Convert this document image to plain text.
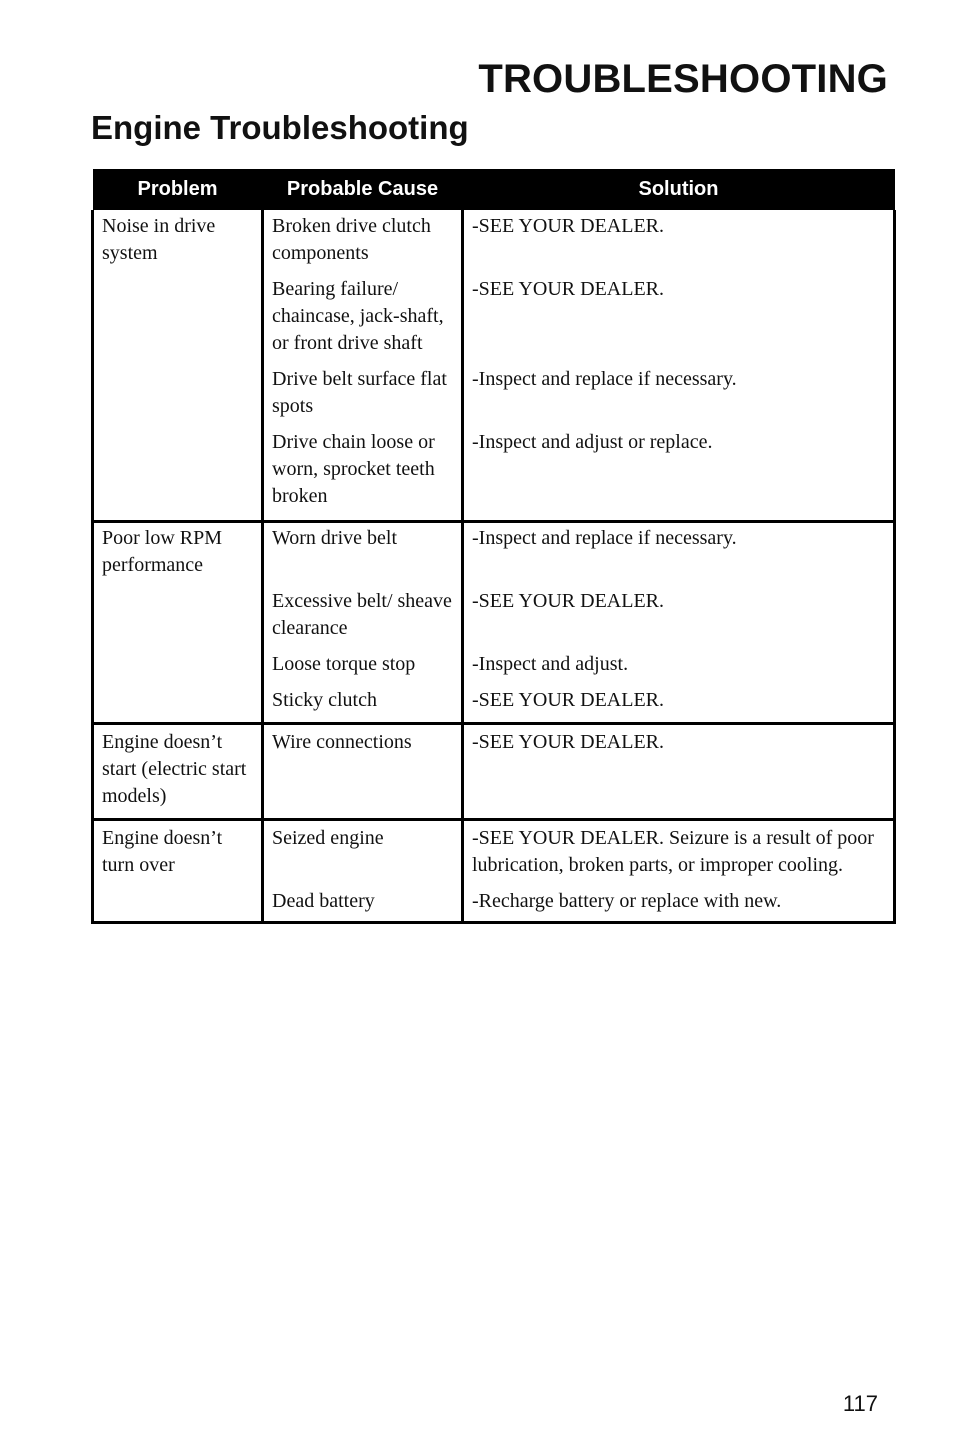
TROUBLESHOOTING
Engine Troubleshooting
Problem	Probable Cause	Solution
Noise in drive system	Broken drive clutch components	-SEE YOUR DEALER.
	Bearing failure/ chaincase, jack-shaft, or front drive shaft	-SEE YOUR DEALER.
	Drive belt surface flat spots	-Inspect and replace if necessary.
	Drive chain loose or worn, sprocket teeth broken	-Inspect and adjust or replace.
Poor low RPM performance	Worn drive belt	-Inspect and replace if necessary.
	Excessive belt/ sheave clearance	-SEE YOUR DEALER.
	Loose torque stop	-Inspect and adjust.
	Sticky clutch	-SEE YOUR DEALER.
Engine doesn’t start (electric start models)	Wire connections	-SEE YOUR DEALER.
Engine doesn’t turn over	Seized engine	-SEE YOUR DEALER. Seizure is a result of poor lubrication, broken parts, or improper cooling.
	Dead battery	-Recharge battery or replace with new.
117
